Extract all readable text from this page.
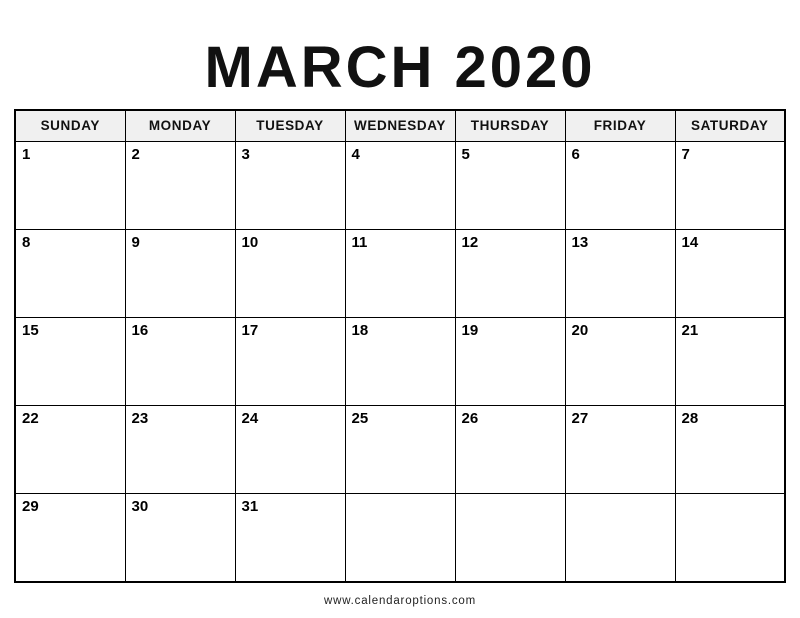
MARCH 2020
SUNDAY	MONDAY	TUESDAY	WEDNESDAY	THURSDAY	FRIDAY	SATURDAY
1	2	3	4	5	6	7
8	9	10	11	12	13	14
15	16	17	18	19	20	21
22	23	24	25	26	27	28
29	30	31				
www.calendaroptions.com
